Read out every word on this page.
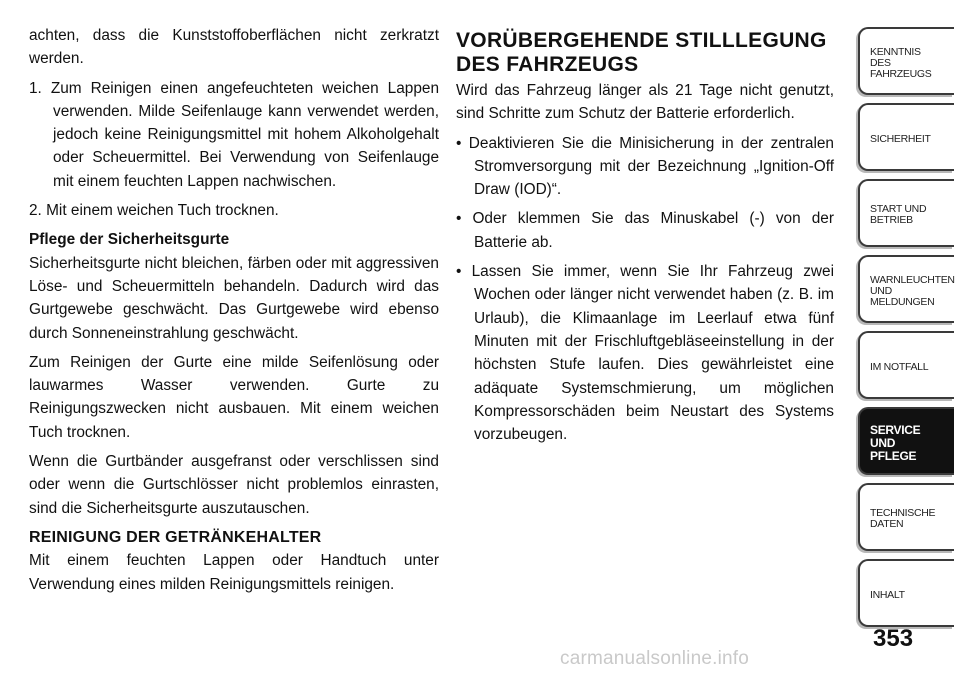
achten, dass die Kunststoffoberflächen nicht zerkratzt werden.

1. Zum Reinigen einen angefeuchteten weichen Lappen verwenden. Milde Seifenlauge kann verwendet werden, jedoch keine Reinigungsmittel mit hohem Alkoholgehalt oder Scheuermittel. Bei Verwendung von Seifenlauge mit einem feuchten Lappen nachwischen.

2. Mit einem weichen Tuch trocknen.

Pflege der Sicherheitsgurte

Sicherheitsgurte nicht bleichen, färben oder mit aggressiven Löse- und Scheuermitteln behandeln. Dadurch wird das Gurtgewebe geschwächt. Das Gurtgewebe wird ebenso durch Sonneneinstrahlung geschwächt.

Zum Reinigen der Gurte eine milde Seifenlösung oder lauwarmes Wasser verwenden. Gurte zu Reinigungszwecken nicht ausbauen. Mit einem weichen Tuch trocknen.

Wenn die Gurtbänder ausgefranst oder verschlissen sind oder wenn die Gurtschlösser nicht problemlos einrasten, sind die Sicherheitsgurte auszutauschen.

REINIGUNG DER GETRÄNKEHALTER

Mit einem feuchten Lappen oder Handtuch unter Verwendung eines milden Reinigungsmittels reinigen.

VORÜBERGEHENDE STILLLEGUNG DES FAHRZEUGS

Wird das Fahrzeug länger als 21 Tage nicht genutzt, sind Schritte zum Schutz der Batterie erforderlich.

• Deaktivieren Sie die Minisicherung in der zentralen Stromversorgung mit der Bezeichnung „Ignition-Off Draw (IOD)“.

• Oder klemmen Sie das Minuskabel (-) von der Batterie ab.

• Lassen Sie immer, wenn Sie Ihr Fahrzeug zwei Wochen oder länger nicht verwendet haben (z. B. im Urlaub), die Klimaanlage im Leerlauf etwa fünf Minuten mit der Frischluftgebläseeinstellung in der höchsten Stufe laufen. Dies gewährleistet eine adäquate Systemschmierung, um möglichen Kompressorschäden beim Neustart des Systems vorzubeugen.

KENNTNIS
DES
FAHRZEUGS
SICHERHEIT
START UND
BETRIEB
WARNLEUCHTEN
UND
MELDUNGEN
IM NOTFALL
SERVICE
UND
PFLEGE
TECHNISCHE
DATEN
INHALT
353
carmanualsonline.info
